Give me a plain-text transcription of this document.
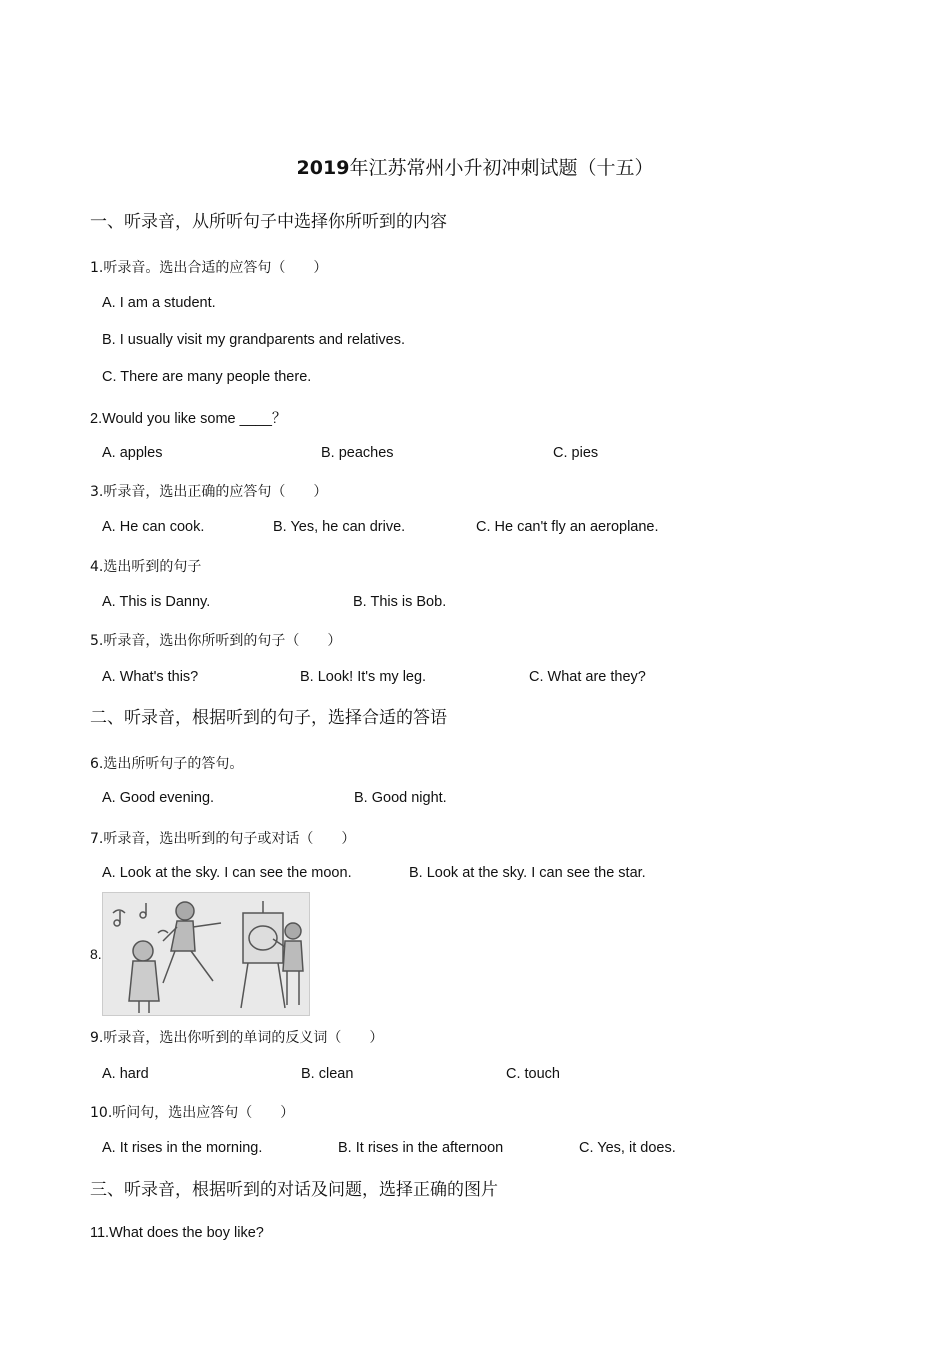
2019年江苏常州小升初冲刺试题（十五）
一、听录音，从所听句子中选择你所听到的内容
1.听录音。选出合适的应答句（　　）
A. I am a student.
B. I usually visit my grandparents and relatives.
C. There are many people there.
2.Would you like some ____？
A. apples	B. peaches	C. pies
3.听录音，选出正确的应答句（　　）
A. He can cook.	B. Yes, he can drive.	C. He can't fly an aeroplane.
4.选出听到的句子
A. This is Danny.	B. This is Bob.
5.听录音，选出你所听到的句子（　　）
A. What's this?	B. Look! It's my leg.	C. What are they?
二、听录音，根据听到的句子，选择合适的答语
6.选出所听句子的答句。
A. Good evening.	B. Good night.
7.听录音，选出听到的句子或对话（　　）
A. Look at the sky. I can see the moon.	B. Look at the sky. I can see the star.
8.
9.听录音，选出你听到的单词的反义词（　　）
A. hard	B. clean	C. touch
10.听问句，选出应答句（　　）
A. It rises in the morning.	B. It rises in the afternoon	C. Yes, it does.
三、听录音，根据听到的对话及问题，选择正确的图片
11.What does the boy like?
